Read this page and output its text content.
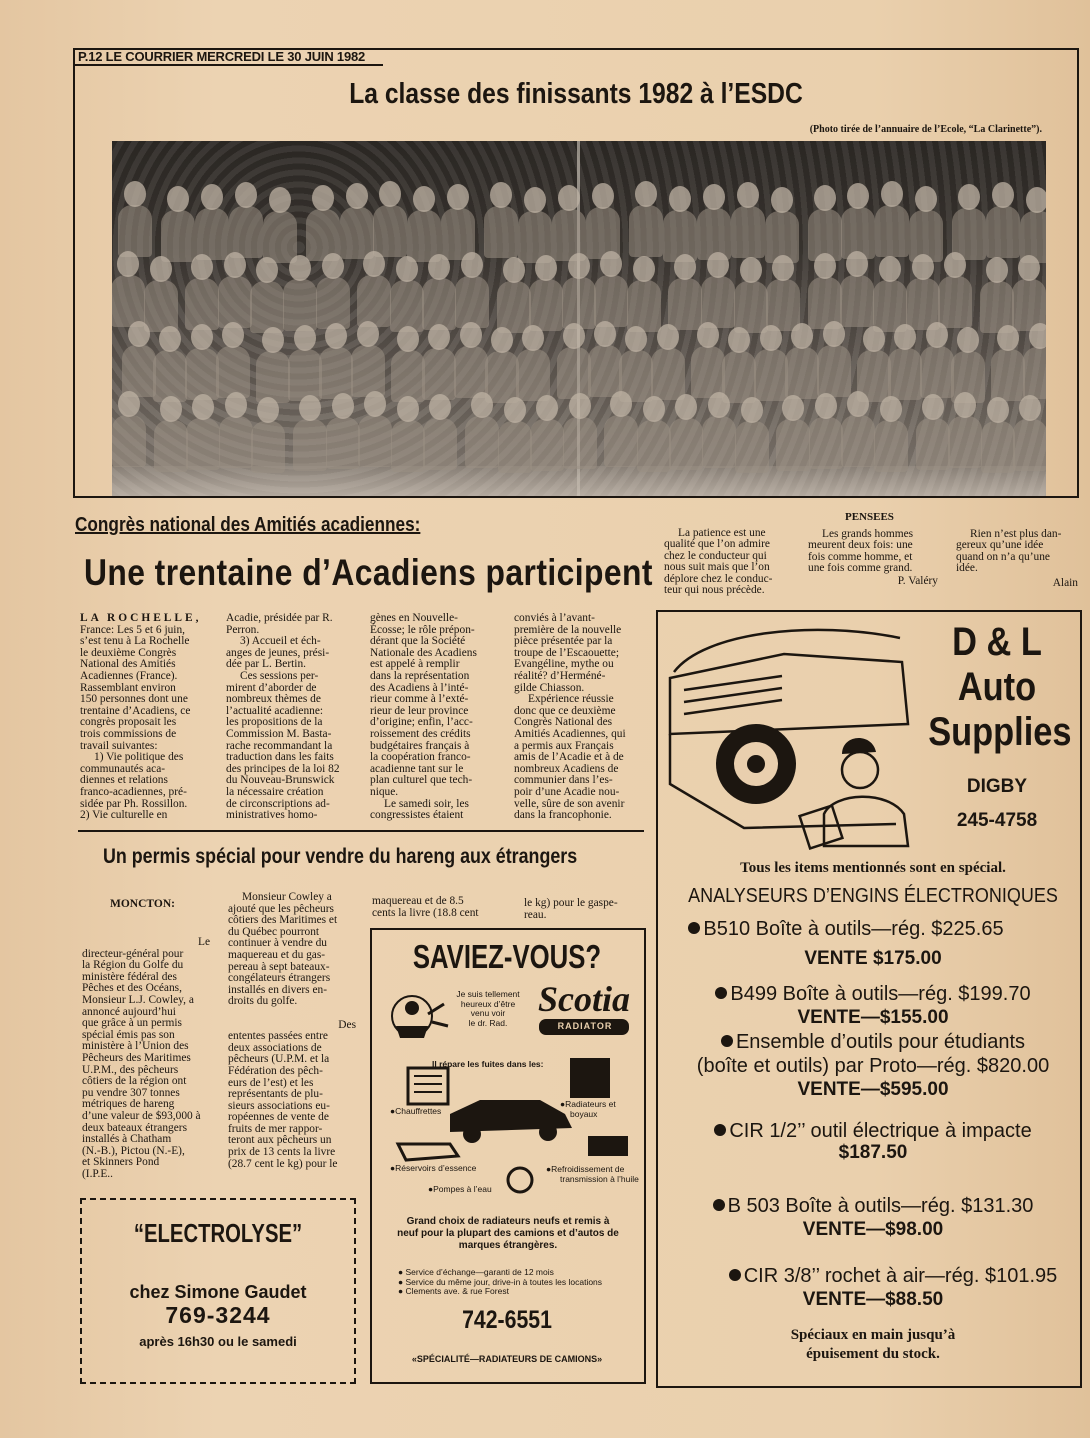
P.12 LE COURRIER MERCREDI LE 30 JUIN 1982
La classe des finissants 1982 à l’ESDC
(Photo tirée de l’annuaire de l’Ecole, “La Clarinette”).
Congrès national des Amitiés acadiennes:
Une trentaine d’Acadiens participent
LA ROCHELLE,
France: Les 5 et 6 juin,
s’est tenu à La Rochelle
le deuxième Congrès
National des Amitiés
Acadiennes (France).
Rassemblant environ
150 personnes dont une
trentaine d’Acadiens, ce
congrès proposait les
trois commissions de
travail suivantes:
1) Vie politique des
communautés aca-
diennes et relations
franco-acadiennes, pré-
sidée par Ph. Rossillon.
2) Vie culturelle en
Acadie, présidée par R.
Perron.
3) Accueil et éch-
anges de jeunes, prési-
dée par L. Bertin.
Ces sessions per-
mirent d’aborder de
nombreux thèmes de
l’actualité acadienne:
les propositions de la
Commission M. Basta-
rache recommandant la
traduction dans les faits
des principes de la loi 82
du Nouveau-Brunswick
la nécessaire création
de circonscriptions ad-
ministratives homo-
gènes en Nouvelle-
Écosse; le rôle prépon-
dérant que la Société
Nationale des Acadiens
est appelé à remplir
dans la représentation
des Acadiens à l’inté-
rieur comme à l’exté-
rieur de leur province
d’origine; enfin, l’acc-
roissement des crédits
budgétaires français à
la coopération franco-
acadienne tant sur le
plan culturel que tech-
nique.
Le samedi soir, les
congressistes étaient
conviés à l’avant-
première de la nouvelle
pièce présentée par la
troupe de l’Escaouette;
Evangéline, mythe ou
réalité? d’Herméné-
gilde Chiasson.
Expérience réussie
donc que ce deuxième
Congrès National des
Amitiés Acadiennes, qui
a permis aux Français
amis de l’Acadie et à de
nombreux Acadiens de
communier dans l’es-
poir d’une Acadie nou-
velle, sûre de son avenir
dans la francophonie.
PENSEES
La patience est une
qualité que l’on admire
chez le conducteur qui
nous suit mais que l’on
déplore chez le conduc-
teur qui nous précède.
Les grands hommes
meurent deux fois: une
fois comme homme, et
une fois comme grand.
P. Valéry
Rien n’est plus dan-
gereux qu’une idée
quand on n’a qu’une
idée.
Alain
Un permis spécial pour vendre du hareng aux étrangers
MONCTON:
Le
directeur-général pour
la Région du Golfe du
ministère fédéral des
Pêches et des Océans,
Monsieur L.J. Cowley, a
annoncé aujourd’hui
que grâce à un permis
spécial émis pas son
ministère à l’Union des
Pêcheurs des Maritimes
U.P.M., des pêcheurs
côtiers de la région ont
pu vendre 307 tonnes
métriques de hareng
d’une valeur de $93,000 à
deux bateaux étrangers
installés à Chatham
(N.-B.), Pictou (N.-E),
et Skinners Pond
(I.P.E..
Monsieur Cowley a
ajouté que les pêcheurs
côtiers des Maritimes et
du Québec pourront
continuer à vendre du
maquereau et du gas-
pereau à sept bateaux-
congélateurs étrangers
installés en divers en-
droits du golfe.

Des
ententes passées entre
deux associations de
pêcheurs (U.P.M. et la
Fédération des pêch-
eurs de l’est) et les
représentants de plu-
sieurs associations eu-
ropéennes de vente de
fruits de mer rappor-
teront aux pêcheurs un
prix de 13 cents la livre
(28.7 cent le kg) pour le
maquereau et de 8.5
cents la livre (18.8 cent
le kg) pour le gaspe-
reau.
SAVIEZ-VOUS?
Je suis tellement
heureux d’être
venu voir
le dr. Rad.
Scotia
RADIATOR
Il répare les fuites dans les:
●Chauffrettes
●Radiateurs et
boyaux
●Réservoirs d’essence	●Refroidissement de
transmission à l’huile
●Pompes à l’eau
Grand choix de radiateurs neufs et remis à
neuf pour la plupart des camions et d’autos de
marques étrangères.
● Service d’échange—garanti de 12 mois
● Service du même jour, drive-in à toutes les locations
● Clements ave. & rue Forest
742-6551
«SPÉCIALITÉ—RADIATEURS DE CAMIONS»
“ELECTROLYSE”
chez Simone Gaudet
769-3244
après 16h30 ou le samedi
D & L
Auto
Supplies
DIGBY
245-4758
Tous les items mentionnés sont en spécial.
ANALYSEURS D’ENGINS ÉLECTRONIQUES
B510 Boîte à outils—rég. $225.65
VENTE $175.00
B499 Boîte à outils—rég. $199.70
VENTE—$155.00
Ensemble d’outils pour étudiants
(boîte et outils) par Proto—rég. $820.00
VENTE—$595.00
CIR 1/2’’ outil électrique à impacte
$187.50
B 503 Boîte à outils—rég. $131.30
VENTE—$98.00
CIR 3/8’’ rochet à air—rég. $101.95
VENTE—$88.50
Spéciaux en main jusqu’à
épuisement du stock.
